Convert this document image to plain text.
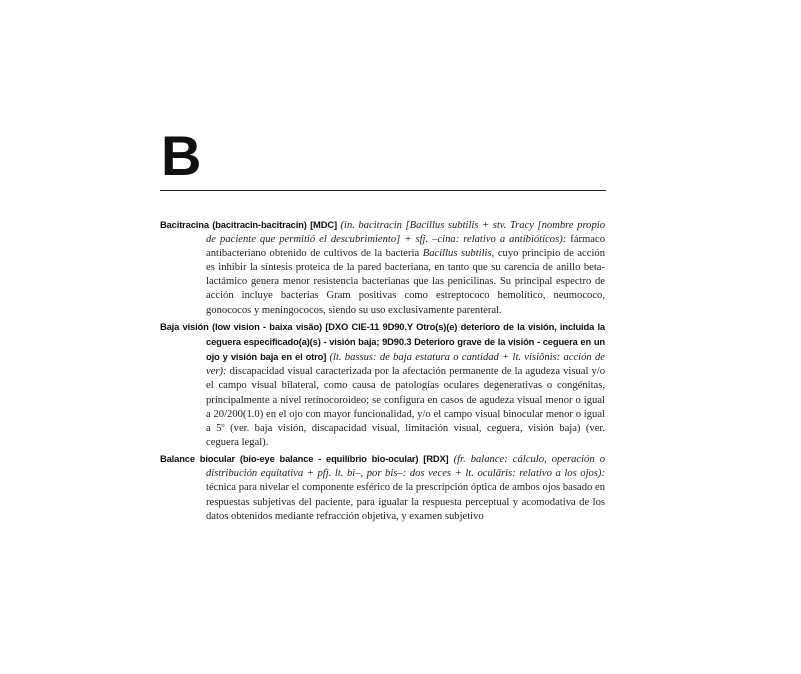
B

Bacitracina (bacitracin-bacitracin) [MDC] (in. bacitracin [Bacillus subtilis + stv. Tracy [nombre propio de paciente que permitió el descubrimiento] + sfj. –cina: relativo a antibióticos): fármaco antibacteriano obtenido de cultivos de la bacteria Bacillus subtilis, cuyo principio de acción es inhibir la síntesis proteica de la pared bacteriana, en tanto que su carencia de anillo beta-lactámico genera menor resistencia bacterianas que las penicilinas. Su principal espectro de acción incluye bacterias Gram positivas como estreptococo hemolítico, neumococo, gonococos y meningococos, siendo su uso exclusivamente parenteral.

Baja visión (low vision - baixa visão) [DXO CIE-11 9D90.Y Otro(s)(e) deterioro de la visión, incluida la ceguera especificado(a)(s) - visión baja; 9D90.3 Deterioro grave de la visión - ceguera en un ojo y visión baja en el otro] (lt. bassus: de baja estatura o cantidad + lt. visiōnis: acción de ver): discapacidad visual caracterizada por la afectación permanente de la agudeza visual y/o el campo visual bilateral, como causa de patologías oculares degenerativas o congénitas, principalmente a nivel retinocoroideo; se configura en casos de agudeza visual menor o igual a 20/200(1.0) en el ojo con mayor funcionalidad, y/o el campo visual binocular menor o igual a 5º (ver. baja visión, discapacidad visual, limitación visual, ceguera, visión baja) (ver. ceguera legal).

Balance biocular (bio-eye balance - equilíbrio bio-ocular) [RDX] (fr. balance: cálculo, operación o distribución equitativa + pfj. lt. bi–, por bis–: dos veces + lt. oculāris: relativo a los ojos): técnica para nivelar el componente esférico de la prescripción óptica de ambos ojos basado en respuestas subjetivas del paciente, para igualar la respuesta perceptual y acomodativa de los datos obtenidos mediante refracción objetiva, y examen subjetivo
